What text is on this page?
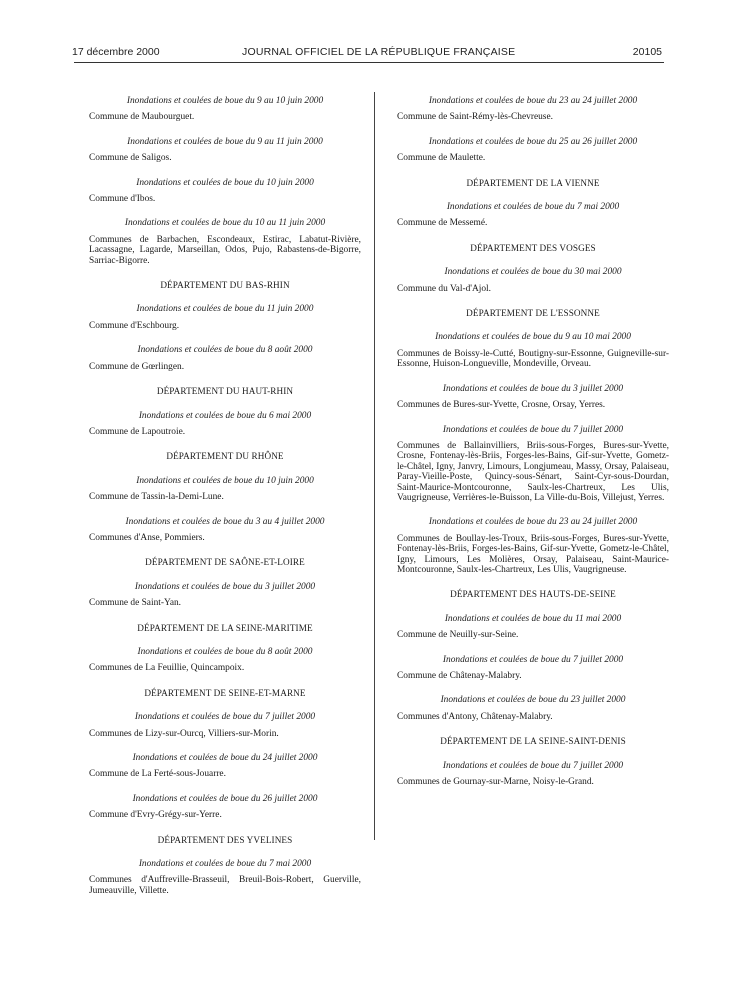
17 décembre 2000	JOURNAL OFFICIEL DE LA RÉPUBLIQUE FRANÇAISE	20105
Inondations et coulées de boue du 9 au 10 juin 2000
Commune de Maubourguet.
Inondations et coulées de boue du 9 au 11 juin 2000
Commune de Saligos.
Inondations et coulées de boue du 10 juin 2000
Commune d'Ibos.
Inondations et coulées de boue du 10 au 11 juin 2000
Communes de Barbachen, Escondeaux, Estirac, Labatut-Rivière, Lacassagne, Lagarde, Marseillan, Odos, Pujo, Rabastens-de-Bigorre, Sarriac-Bigorre.
DÉPARTEMENT DU BAS-RHIN
Inondations et coulées de boue du 11 juin 2000
Commune d'Eschbourg.
Inondations et coulées de boue du 8 août 2000
Commune de Gœrlingen.
DÉPARTEMENT DU HAUT-RHIN
Inondations et coulées de boue du 6 mai 2000
Commune de Lapoutroie.
DÉPARTEMENT DU RHÔNE
Inondations et coulées de boue du 10 juin 2000
Commune de Tassin-la-Demi-Lune.
Inondations et coulées de boue du 3 au 4 juillet 2000
Communes d'Anse, Pommiers.
DÉPARTEMENT DE SAÔNE-ET-LOIRE
Inondations et coulées de boue du 3 juillet 2000
Commune de Saint-Yan.
DÉPARTEMENT DE LA SEINE-MARITIME
Inondations et coulées de boue du 8 août 2000
Communes de La Feuillie, Quincampoix.
DÉPARTEMENT DE SEINE-ET-MARNE
Inondations et coulées de boue du 7 juillet 2000
Communes de Lizy-sur-Ourcq, Villiers-sur-Morin.
Inondations et coulées de boue du 24 juillet 2000
Commune de La Ferté-sous-Jouarre.
Inondations et coulées de boue du 26 juillet 2000
Commune d'Evry-Grégy-sur-Yerre.
DÉPARTEMENT DES YVELINES
Inondations et coulées de boue du 7 mai 2000
Communes d'Auffreville-Brasseuil, Breuil-Bois-Robert, Guerville, Jumeauville, Villette.
Inondations et coulées de boue du 23 au 24 juillet 2000
Commune de Saint-Rémy-lès-Chevreuse.
Inondations et coulées de boue du 25 au 26 juillet 2000
Commune de Maulette.
DÉPARTEMENT DE LA VIENNE
Inondations et coulées de boue du 7 mai 2000
Commune de Messemé.
DÉPARTEMENT DES VOSGES
Inondations et coulées de boue du 30 mai 2000
Commune du Val-d'Ajol.
DÉPARTEMENT DE L'ESSONNE
Inondations et coulées de boue du 9 au 10 mai 2000
Communes de Boissy-le-Cutté, Boutigny-sur-Essonne, Guigneville-sur-Essonne, Huison-Longueville, Mondeville, Orveau.
Inondations et coulées de boue du 3 juillet 2000
Communes de Bures-sur-Yvette, Crosne, Orsay, Yerres.
Inondations et coulées de boue du 7 juillet 2000
Communes de Ballainvilliers, Briis-sous-Forges, Bures-sur-Yvette, Crosne, Fontenay-lès-Briis, Forges-les-Bains, Gif-sur-Yvette, Gometz-le-Châtel, Igny, Janvry, Limours, Longjumeau, Massy, Orsay, Palaiseau, Paray-Vieille-Poste, Quincy-sous-Sénart, Saint-Cyr-sous-Dourdan, Saint-Maurice-Montcouronne, Saulx-les-Chartreux, Les Ulis, Vaugrigneuse, Verrières-le-Buisson, La Ville-du-Bois, Villejust, Yerres.
Inondations et coulées de boue du 23 au 24 juillet 2000
Communes de Boullay-les-Troux, Briis-sous-Forges, Bures-sur-Yvette, Fontenay-lès-Briis, Forges-les-Bains, Gif-sur-Yvette, Gometz-le-Châtel, Igny, Limours, Les Molières, Orsay, Palaiseau, Saint-Maurice-Montcouronne, Saulx-les-Chartreux, Les Ulis, Vaugrigneuse.
DÉPARTEMENT DES HAUTS-DE-SEINE
Inondations et coulées de boue du 11 mai 2000
Commune de Neuilly-sur-Seine.
Inondations et coulées de boue du 7 juillet 2000
Commune de Châtenay-Malabry.
Inondations et coulées de boue du 23 juillet 2000
Communes d'Antony, Châtenay-Malabry.
DÉPARTEMENT DE LA SEINE-SAINT-DENIS
Inondations et coulées de boue du 7 juillet 2000
Communes de Gournay-sur-Marne, Noisy-le-Grand.
